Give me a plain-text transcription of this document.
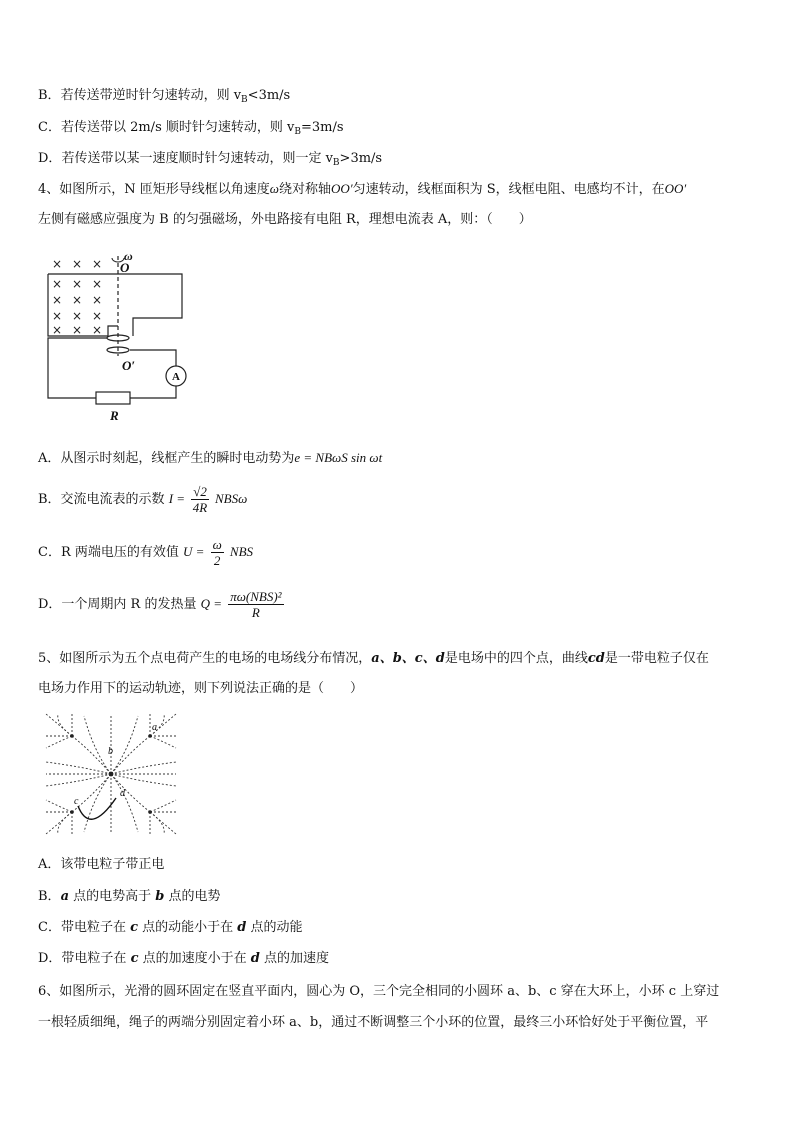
B．若传送带逆时针匀速转动，则 $v_B<3m/s$
C．若传送带以 2m/s 顺时针匀速转动，则 $v_B=3m/s$
D．若传送带以某一速度顺时针匀速转动，则一定 $v_B>3m/s$
4、如图所示，N 匝矩形导线框以角速度ω绕对称轴OO′匀速转动，线框面积为 S，线框电阻、电感均不计，在OO′
左侧有磁感应强度为 B 的匀强磁场，外电路接有电阻 R，理想电流表 A，则：（　　）
× × ×
× × ×
× × ×
× × ×
× × ×
ω
O
O′
R
A
A．从图示时刻起，线框产生的瞬时电动势为e = NBωS sin ωt
B．交流电流表的示数 $I = \frac{√2}{4R}$ NBSω
C．R 两端电压的有效值 $U = \frac{\omega}{2}$ NBS
D．一个周期内 R 的发热量 $Q = \frac{\text{πω(NBS)²}}{R}$
5、如图所示为五个点电荷产生的电场的电场线分布情况，a、b、c、d是电场中的四个点，曲线cd是一带电粒子仅在
电场力作用下的运动轨迹，则下列说法正确的是（　　）
a
b
c
d
A．该带电粒子带正电
B．a 点的电势高于 b 点的电势
C．带电粒子在 c 点的动能小于在 d 点的动能
D．带电粒子在 c 点的加速度小于在 d 点的加速度
6、如图所示，光滑的圆环固定在竖直平面内，圆心为 O，三个完全相同的小圆环 a、b、c 穿在大环上，小环 c 上穿过
一根轻质细绳，绳子的两端分别固定着小环 a、b，通过不断调整三个小环的位置，最终三小环恰好处于平衡位置，平
